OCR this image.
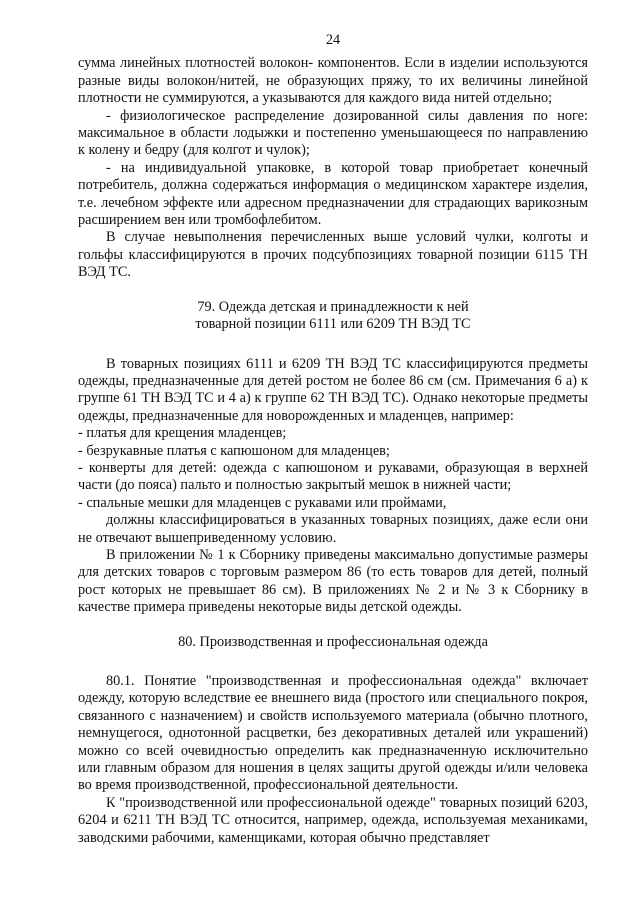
24

сумма линейных плотностей волокон- компонентов. Если в изделии используются разные виды волокон/нитей, не образующих пряжу, то их величины линейной плотности не суммируются, а указываются для каждого вида нитей отдельно;

- физиологическое распределение дозированной силы давления по ноге: максимальное в области лодыжки и постепенно уменьшающееся по направлению к колену и бедру (для колгот и чулок);

- на индивидуальной упаковке, в которой товар приобретает конечный потребитель, должна содержаться информация о медицинском характере изделия, т.е. лечебном эффекте или адресном предназначении для страдающих варикозным расширением вен или тромбофлебитом.

В случае невыполнения перечисленных выше условий чулки, колготы и гольфы классифицируются в прочих подсубпозициях товарной позиции 6115 ТН ВЭД ТС.

79. Одежда детская и принадлежности к ней

товарной позиции 6111 или 6209 ТН ВЭД ТС

В товарных позициях 6111 и 6209 ТН ВЭД ТС классифицируются предметы одежды, предназначенные для детей ростом не более 86 см (см. Примечания 6 а) к группе 61 ТН ВЭД ТС и 4 а) к группе 62 ТН ВЭД ТС). Однако некоторые предметы одежды, предназначенные для новорожденных и младенцев, например:

- платья для крещения младенцев;

- безрукавные платья с капюшоном для младенцев;

- конверты для детей: одежда с капюшоном и рукавами, образующая в верхней части (до пояса) пальто и полностью закрытый мешок в нижней части;

- спальные мешки для младенцев с рукавами или проймами,

должны классифицироваться в указанных товарных позициях, даже если они не отвечают вышеприведенному условию.

В приложении № 1 к Сборнику приведены максимально допустимые размеры для детских товаров с торговым размером 86 (то есть товаров для детей, полный рост которых не превышает 86 см). В приложениях № 2 и № 3 к Сборнику в качестве примера приведены некоторые виды детской одежды.

80. Производственная и профессиональная одежда

80.1. Понятие "производственная и профессиональная одежда" включает одежду, которую вследствие ее внешнего вида (простого или специального покроя, связанного с назначением) и свойств используемого материала (обычно плотного, немнущегося, однотонной расцветки, без декоративных деталей или украшений) можно со всей очевидностью определить как предназначенную исключительно или главным образом для ношения в целях защиты другой одежды и/или человека во время производственной, профессиональной деятельности.

К "производственной или профессиональной одежде" товарных позиций 6203, 6204 и 6211 ТН ВЭД ТС относится, например, одежда, используемая механиками, заводскими рабочими, каменщиками, которая обычно представляет
